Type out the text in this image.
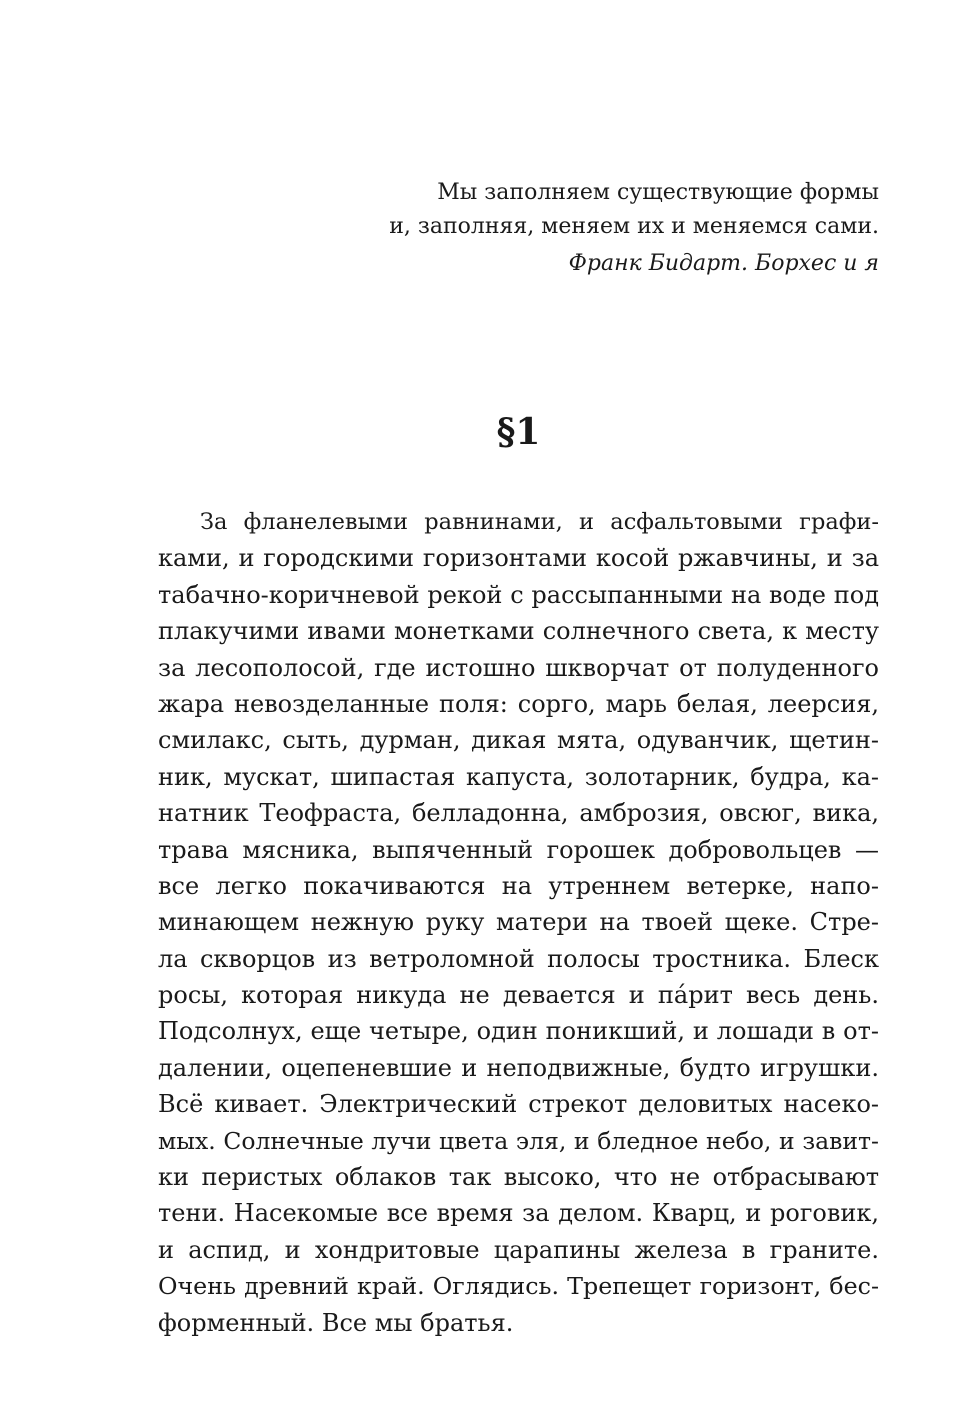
Мы заполняем существующие формы
и, заполняя, меняем их и меняемся сами.
Франк Бидарт. Борхес и я
§1
За фланелевыми равнинами, и асфальтовыми графи-
ками, и городскими горизонтами косой ржавчины, и за
табачно-коричневой рекой с рассыпанными на воде под
плакучими ивами монетками солнечного света, к месту
за лесополосой, где истошно шкворчат от полуденного
жара невозделанные поля: сорго, марь белая, леерсия,
смилакс, сыть, дурман, дикая мята, одуванчик, щетин-
ник, мускат, шипастая капуста, золотарник, будра, ка-
натник Теофраста, белладонна, амброзия, овсюг, вика,
трава мясника, выпяченный горошек добровольцев —
все легко покачиваются на утреннем ветерке, напо-
минающем нежную руку матери на твоей щеке. Стре-
ла скворцов из ветроломной полосы тростника. Блеск
росы, которая никуда не девается и па́рит весь день.
Подсолнух, еще четыре, один поникший, и лошади в от-
далении, оцепеневшие и неподвижные, будто игрушки.
Всё кивает. Электрический стрекот деловитых насеко-
мых. Солнечные лучи цвета эля, и бледное небо, и завит-
ки перистых облаков так высоко, что не отбрасывают
тени. Насекомые все время за делом. Кварц, и роговик,
и аспид, и хондритовые царапины железа в граните.
Очень древний край. Оглядись. Трепещет горизонт, бес-
форменный. Все мы братья.
